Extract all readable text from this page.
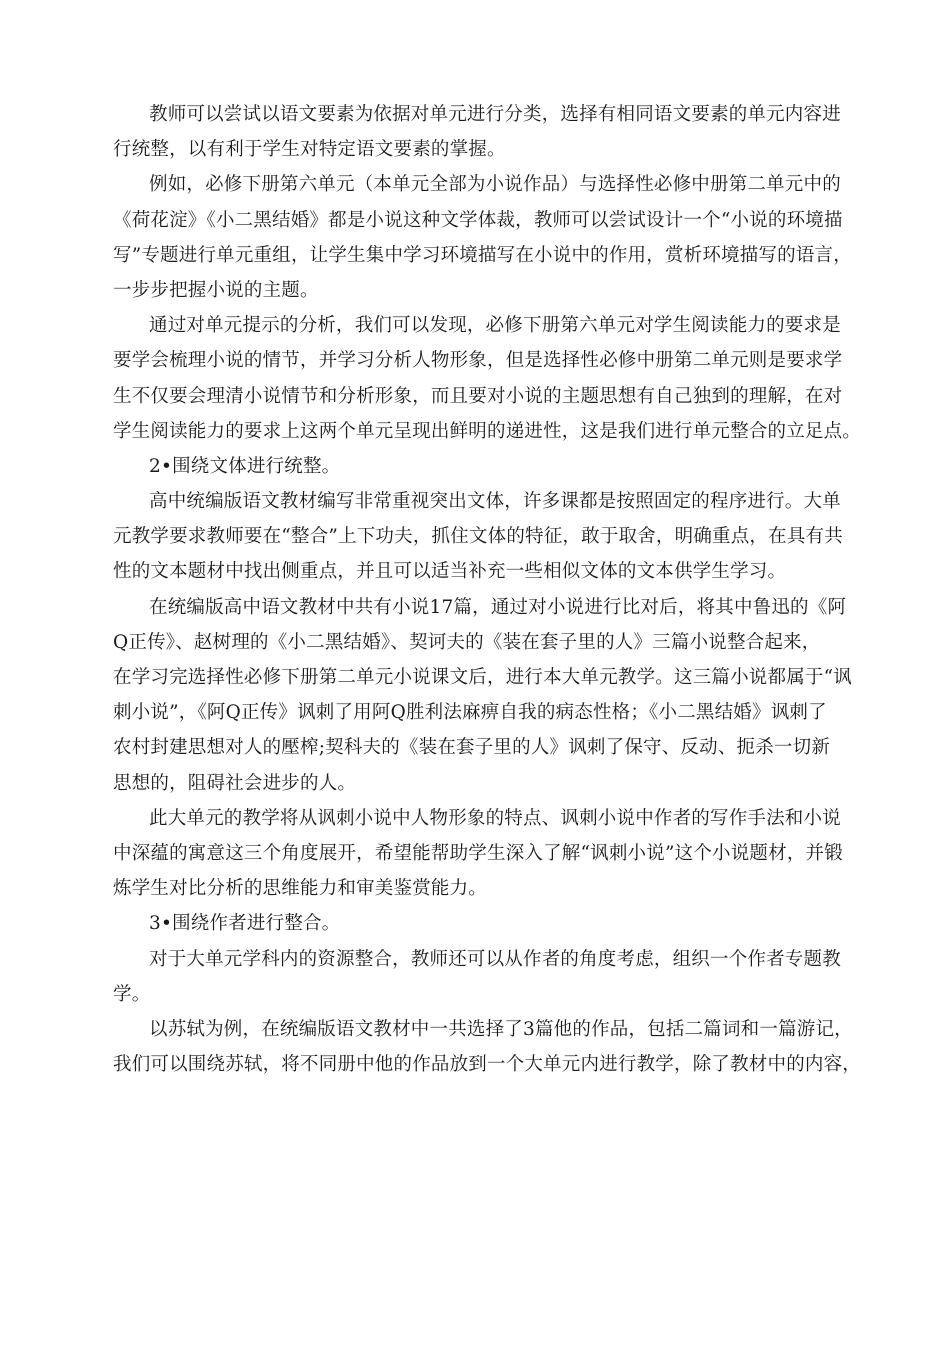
教师可以尝试以语文要素为依据对单元进行分类，选择有相同语文要素的单元内容进
行统整，以有利于学生对特定语文要素的掌握。
例如，必修下册第六单元（本单元全部为小说作品）与选择性必修中册第二单元中的
《荷花淀》《小二黑结婚》都是小说这种文学体裁，教师可以尝试设计一个“小说的环境描
写”专题进行单元重组，让学生集中学习环境描写在小说中的作用，赏析环境描写的语言，
一步步把握小说的主题。
通过对单元提示的分析，我们可以发现，必修下册第六单元对学生阅读能力的要求是
要学会梳理小说的情节，并学习分析人物形象，但是选择性必修中册第二单元则是要求学
生不仅要会理清小说情节和分析形象，而且要对小说的主题思想有自己独到的理解，在对
学生阅读能力的要求上这两个单元呈现出鲜明的递进性，这是我们进行单元整合的立足点。
2•围绕文体进行统整。
高中统编版语文教材编写非常重视突出文体，许多课都是按照固定的程序进行。大单
元教学要求教师要在“整合”上下功夫，抓住文体的特征，敢于取舍，明确重点，在具有共
性的文本题材中找出侧重点，并且可以适当补充一些相似文体的文本供学生学习。
在统编版高中语文教材中共有小说17篇，通过对小说进行比对后，将其中鲁迅的《阿
Q正传》、赵树理的《小二黑结婚》、契诃夫的《装在套子里的人》三篇小说整合起来，
在学习完选择性必修下册第二单元小说课文后，进行本大单元教学。这三篇小说都属于“讽
刺小说”，《阿Q正传》讽刺了用阿Q胜利法麻痹自我的病态性格；《小二黑结婚》讽刺了
农村封建思想对人的壓榨;契科夫的《装在套子里的人》讽刺了保守、反动、扼杀一切新
思想的，阻碍社会进步的人。
此大单元的教学将从讽刺小说中人物形象的特点、讽刺小说中作者的写作手法和小说
中深蕴的寓意这三个角度展开，希望能帮助学生深入了解“讽刺小说”这个小说题材，并锻
炼学生对比分析的思维能力和审美鉴赏能力。
3•围绕作者进行整合。
对于大单元学科内的资源整合，教师还可以从作者的角度考虑，组织一个作者专题教
学。
以苏轼为例，在统编版语文教材中一共选择了3篇他的作品，包括二篇词和一篇游记，
我们可以围绕苏轼，将不同册中他的作品放到一个大单元内进行教学，除了教材中的内容，
